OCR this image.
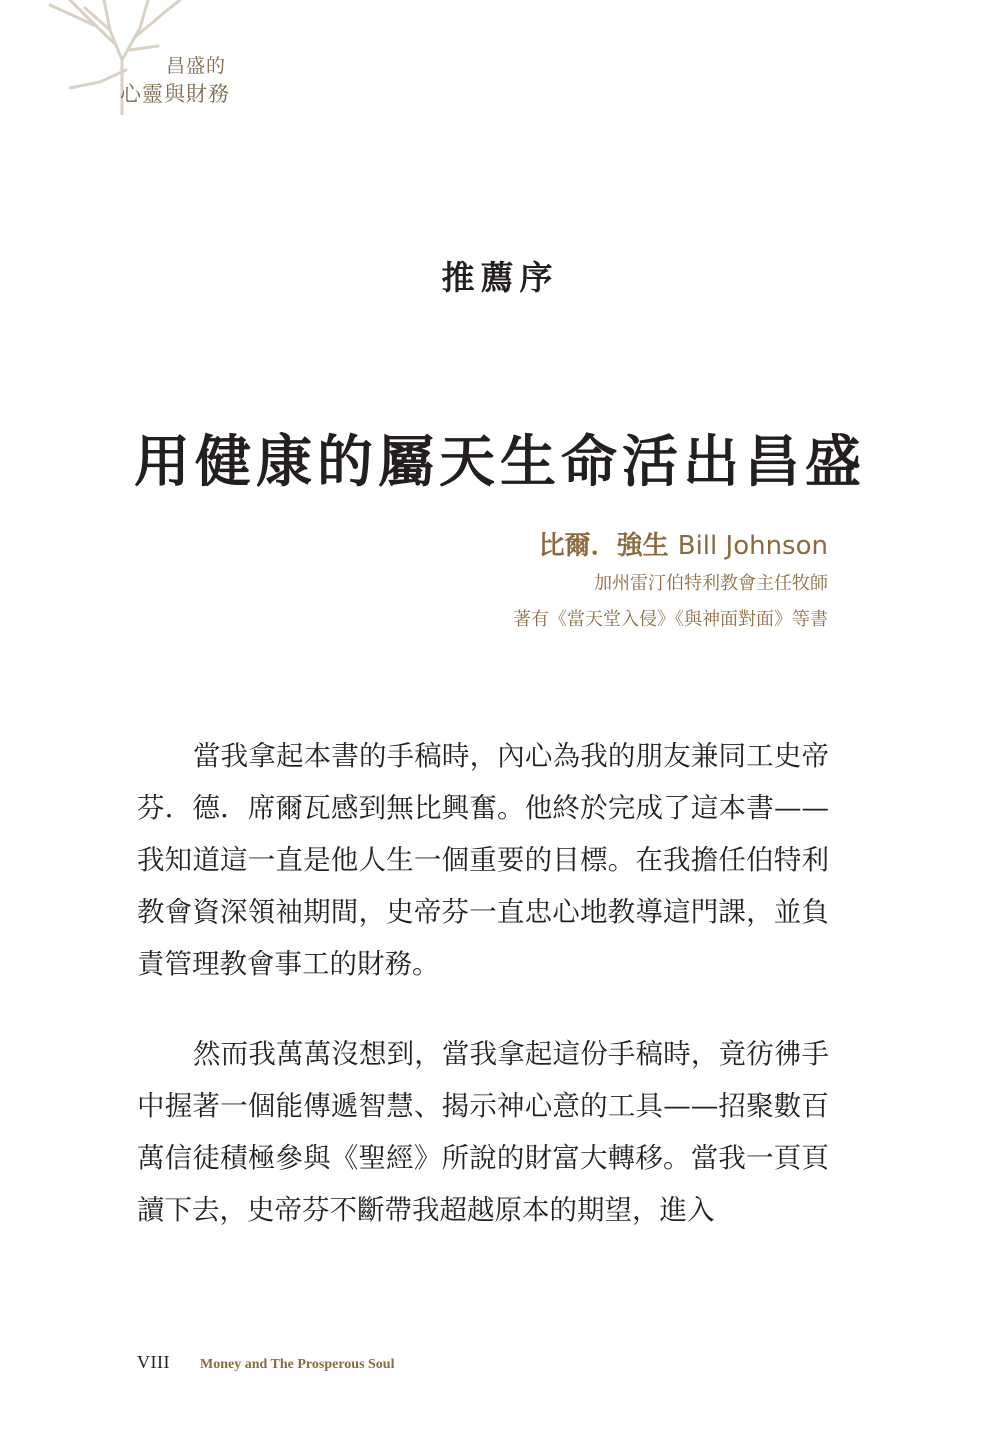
昌盛的
心靈與財務
推薦序
用健康的屬天生命活出昌盛
比爾．強生 Bill Johnson
加州雷汀伯特利教會主任牧師
著有《當天堂入侵》《與神面對面》等書

當我拿起本書的手稿時，內心為我的朋友兼同工史帝芬．德．席爾瓦感到無比興奮。他終於完成了這本書——我知道這一直是他人生一個重要的目標。在我擔任伯特利教會資深領袖期間，史帝芬一直忠心地教導這門課，並負責管理教會事工的財務。

然而我萬萬沒想到，當我拿起這份手稿時，竟彷彿手中握著一個能傳遞智慧、揭示神心意的工具——招聚數百萬信徒積極參與《聖經》所說的財富大轉移。當我一頁頁讀下去，史帝芬不斷帶我超越原本的期望，進入

VIII Money and The Prosperous Soul
